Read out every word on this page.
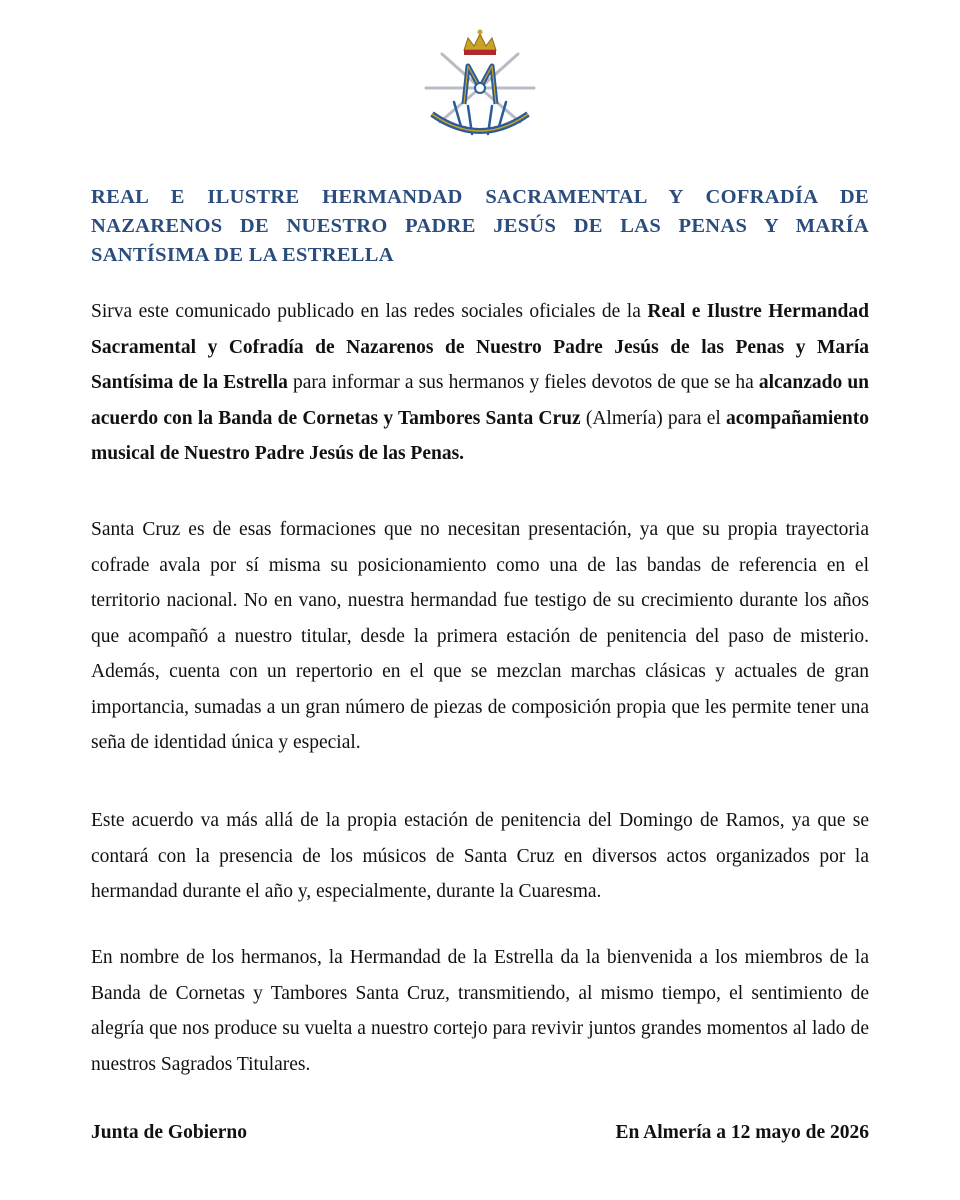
REAL E ILUSTRE HERMANDAD SACRAMENTAL Y COFRADÍA DE NAZARENOS DE NUESTRO PADRE JESÚS DE LAS PENAS Y MARÍA SANTÍSIMA DE LA ESTRELLA

Sirva este comunicado publicado en las redes sociales oficiales de la Real e Ilustre Hermandad Sacramental y Cofradía de Nazarenos de Nuestro Padre Jesús de las Penas y María Santísima de la Estrella para informar a sus hermanos y fieles devotos de que se ha alcanzado un acuerdo con la Banda de Cornetas y Tambores Santa Cruz (Almería) para el acompañamiento musical de Nuestro Padre Jesús de las Penas.

Santa Cruz es de esas formaciones que no necesitan presentación, ya que su propia trayectoria cofrade avala por sí misma su posicionamiento como una de las bandas de referencia en el territorio nacional. No en vano, nuestra hermandad fue testigo de su crecimiento durante los años que acompañó a nuestro titular, desde la primera estación de penitencia del paso de misterio. Además, cuenta con un repertorio en el que se mezclan marchas clásicas y actuales de gran importancia, sumadas a un gran número de piezas de composición propia que les permite tener una seña de identidad única y especial.

Este acuerdo va más allá de la propia estación de penitencia del Domingo de Ramos, ya que se contará con la presencia de los músicos de Santa Cruz en diversos actos organizados por la hermandad durante el año y, especialmente, durante la Cuaresma.

En nombre de los hermanos, la Hermandad de la Estrella da la bienvenida a los miembros de la Banda de Cornetas y Tambores Santa Cruz, transmitiendo, al mismo tiempo, el sentimiento de alegría que nos produce su vuelta a nuestro cortejo para revivir juntos grandes momentos al lado de nuestros Sagrados Titulares.

Junta de Gobierno	En Almería a 12 mayo de 2026
